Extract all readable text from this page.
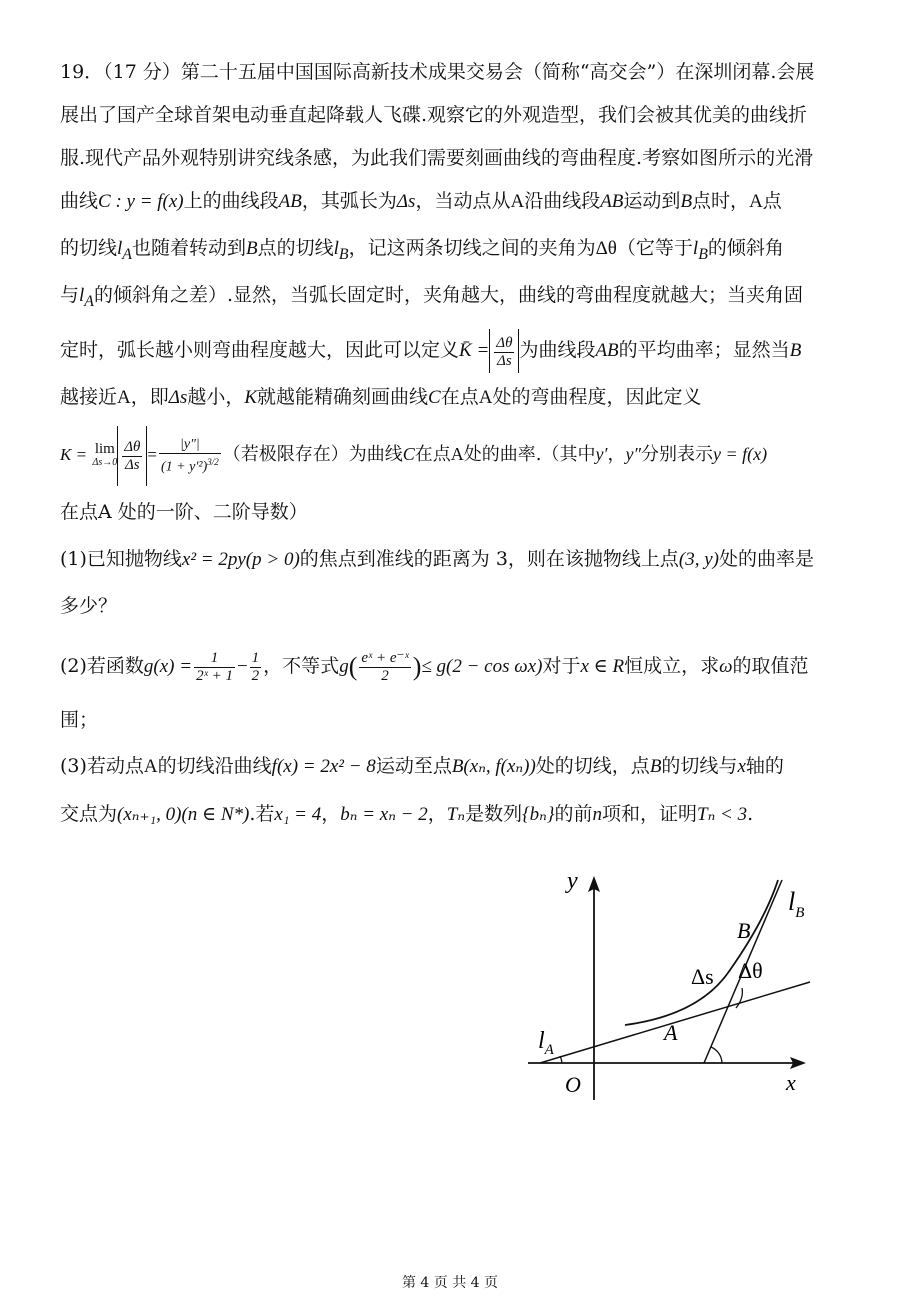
19．（17 分）第二十五届中国国际高新技术成果交易会（简称“高交会”）在深圳闭幕.会展
展出了国产全球首架电动垂直起降载人飞碟.观察它的外观造型，我们会被其优美的曲线折
服.现代产品外观特别讲究线条感，为此我们需要刻画曲线的弯曲程度.考察如图所示的光滑
曲线C : y = f(x)上的曲线段AB，其弧长为Δs，当动点从A沿曲线段AB运动到B点时，A点
的切线$l_A$也随着转动到B点的切线$l_B$，记这两条切线之间的夹角为Δθ（它等于$l_B$的倾斜角
与$l_A$的倾斜角之差）.显然，当弧长固定时，夹角越大，曲线的弯曲程度就越大；当夹角固
定时，弧长越小则弯曲程度越大，因此可以定义K̄ = $\frac{\Delta\theta}{\Delta s}$ 为曲线段AB的平均曲率；显然当B
越接近A，即Δs越小，K就越能精确刻画曲线C在点A处的弯曲程度，因此定义
K = lim
$\Delta s\to 0 \frac{\Delta\theta}{\Delta s} = \frac{|y''|}{(1 + y'^2)^{3/2}}$ （若极限存在）为曲线C在点A处的曲率.（其中y′，y″分别表示y = f(x)
在点A 处的一阶、二阶导数）
(1)已知抛物线x² = 2py(p > 0)的焦点到准线的距离为 3，则在该抛物线上点(3, y)处的曲率是
多少？
(2)若函数$g(x) = \frac{1}{\text{2ˣ + 1}} - \frac{1}{2}$ ，不等式$g( \frac{\text{eˣ + e⁻ˣ}}{2}$ )≤ g(2 − cos ωx)对于x ∈ R恒成立，求ω的取值范
围；
(3)若动点A的切线沿曲线f(x) = 2x² − 8运动至点B(xₙ, f(xₙ))处的切线，点B的切线与x轴的
交点为(xₙ₊₁, 0)(n ∈ N*).若x₁ = 4，bₙ = xₙ − 2，Tₙ是数列{bₙ}的前n项和，证明Tₙ < 3.
y
x
O
$l_B$
$l_A$
B
A
Δs Δθ
第 4 页 共 4 页
